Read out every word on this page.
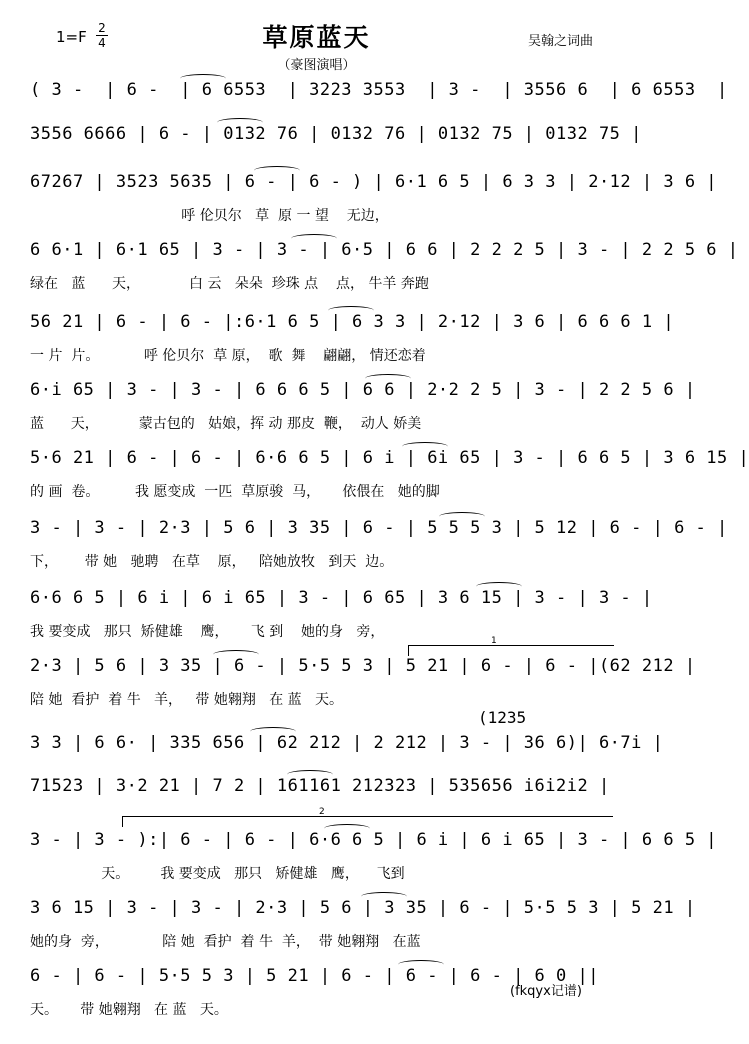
1=F 2
4	草原蓝天	吴翰之词曲
（豪图演唱）
( 3 -  | 6 -  | 6 6553  | 3223 3553  | 3 -  | 3556 6  | 6 6553  |
3556 6666 | 6 - | 0132 76 | 0132 76 | 0132 75 | 0132 75 |
67267 | 3523 5635 | 6 - | 6 - ) | 6·1 6 5 | 6 3 3 | 2·12 | 3 6 |
呼 伦贝尔   草  原 一 望    无边，
6 6·1 | 6·1 65 | 3 - | 3 - | 6·5 | 6 6 | 2 2 2 5 | 3 - | 2 2 5 6 |
绿在   蓝      天，           白 云   朵朵  珍珠 点    点， 牛羊 奔跑
56 21 | 6 - | 6 - |:6·1 6 5 | 6 3 3 | 2·12 | 3 6 | 6 6 6 1 |
一 片  片。          呼 伦贝尔  草 原，  歌  舞    翩翩， 情还恋着
6·i 65 | 3 - | 3 - | 6 6 6 5 | 6 6 | 2·2 2 5 | 3 - | 2 2 5 6 |
蓝      天，         蒙古包的   姑娘，挥 动 那皮  鞭，  动人 娇美
5·6 21 | 6 - | 6 - | 6·6 6 5 | 6 i | 6i 65 | 3 - | 6 6 5 | 3 6 15 |
的 画  卷。        我 愿变成  一匹  草原骏  马，     依偎在   她的脚
3 - | 3 - | 2·3 | 5 6 | 3 35 | 6 - | 5 5 5 3 | 5 12 | 6 - | 6 - |
下，      带 她   驰聘   在草    原，   陪她放牧   到天  边。
6·6 6 5 | 6 i | 6 i 65 | 3 - | 6 65 | 3 6 15 | 3 - | 3 - |
我 要变成   那只  矫健雄    鹰，     飞 到    她的身   旁，
2·3 | 5 6 | 3 35 | 6 - | 5·5 5 3 | 5 21 | 6 - | 6 - |(62 212 |
陪 她  看护  着 牛   羊，   带 她翱翔   在 蓝   天。
3 3 | 6 6· | 335 656 | 62 212 | 2 212 | 3 - | 36 6)| 6·7i |
71523 | 3·2 21 | 7 2 | 161161 212323 | 535656 i6i2i2 |
3 - | 3 - ):| 6 - | 6 - | 6·6 6 5 | 6 i | 6 i 65 | 3 - | 6 6 5 |
天。       我 要变成   那只   矫健雄   鹰，    飞到
3 6 15 | 3 - | 3 - | 2·3 | 5 6 | 3 35 | 6 - | 5·5 5 3 | 5 21 |
她的身  旁，            陪 她  看护  着 牛  羊，  带 她翱翔   在蓝
6 - | 6 - | 5·5 5 3 | 5 21 | 6 - | 6 - | 6 - | 6 0 ||
天。     带 她翱翔   在 蓝   天。
(1235
(fkqyx记谱)
1
2
